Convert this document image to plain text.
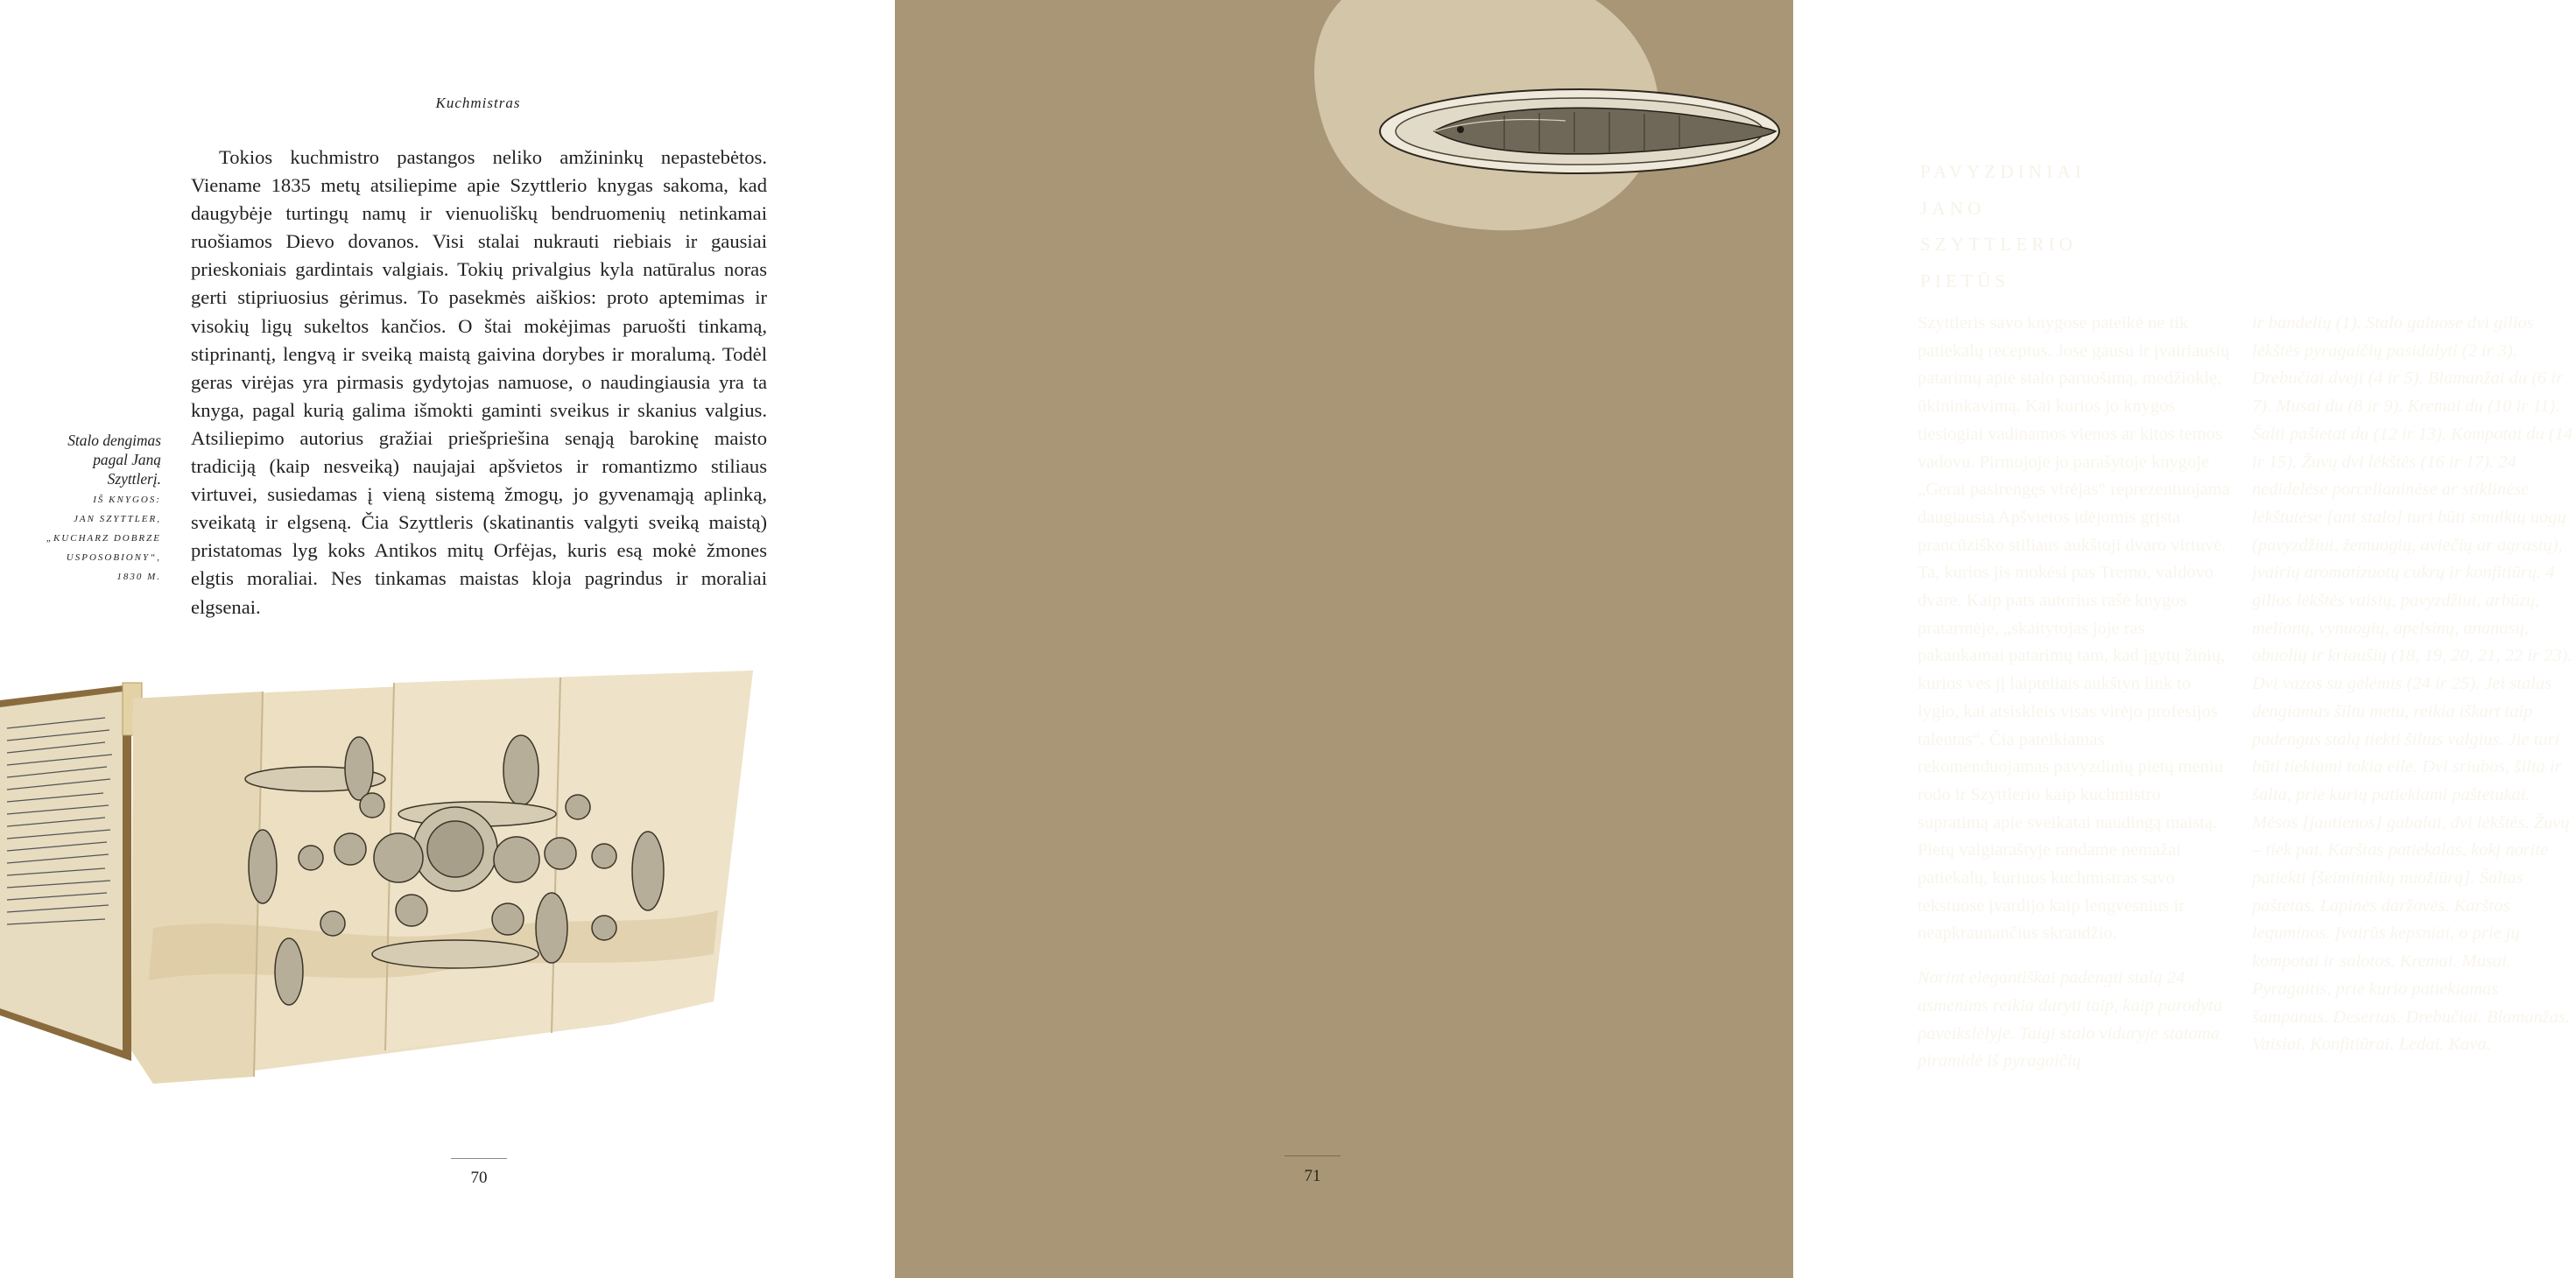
Kuchmistras

Tokios kuchmistro pastangos neliko amžininkų nepastebėtos. Viename 1835 metų atsiliepime apie Szyttlerio knygas sakoma, kad daugybėje turtingų namų ir vienuoliškų bendruomenių netinkamai ruošiamos Dievo dovanos. Visi stalai nukrauti riebiais ir gausiai prieskoniais gardintais valgiais. Tokių privalgius kyla natūralus noras gerti stipriuosius gėrimus. To pasekmės aiškios: proto aptemimas ir visokių ligų sukeltos kančios. O štai mokėjimas paruošti tinkamą, stiprinantį, lengvą ir sveiką maistą gaivina dorybes ir moralumą. Todėl geras virėjas yra pirmasis gydytojas namuose, o naudingiausia yra ta knyga, pagal kurią galima išmokti gaminti sveikus ir skanius valgius. Atsiliepimo autorius gražiai priešpriešina senąją barokinę maisto tradiciją (kaip nesveiką) naujajai apšvietos ir romantizmo stiliaus virtuvei, susiedamas į vieną sistemą žmogų, jo gyvenamąją aplinką, sveikatą ir elgseną. Čia Szyttleris (skatinantis valgyti sveiką maistą) pristatomas lyg koks Antikos mitų Orfėjas, kuris esą mokė žmones elgtis moraliai. Nes tinkamas maistas kloja pagrindus ir moraliai elgsenai.

Stalo dengimas
pagal Janą
Szyttlerį.
IŠ KNYGOS:
JAN SZYTTLER,
„KUCHARZ DOBRZE
USPOSOBIONY“,
1830 M.
70
PAVYZDINIAI
JANO SZYTTLERIO
PIETŪS

Szyttleris savo knygose pateikė ne tik patiekalų receptus. Jose gausu ir įvairiausių patarimų apie stalo paruošimą, medžioklę, ūkininkavimą. Kai kurios jo knygos tiesiogiai vadinamos vienos ar kitos temos vadovu. Pirmojoje jo parašytoje knygoje „Gerai pasirengęs virėjas“ reprezentuojama daugiausia Apšvietos idėjomis grįsta prancūziško stiliaus aukštoji dvaro virtuvė. Ta, kurios jis mokėsi pas Tremo, valdovo dvare. Kaip pats autorius rašė knygos pratarmėje, „skaitytojas joje ras pakankamai patarimų tam, kad įgytų žinių, kurios ves jį laipteliais aukštyn link to lygio, kai atsiskleis visas virėjo profesijos talentas“. Čia pateikiamas rekomenduojamas pavyzdinių pietų meniu rodo ir Szyttlerio kaip kuchmistro supratimą apie sveikatai naudingą maistą. Pietų valgiaraštyje randame nemažai patiekalų, kuriuos kuchmistras savo tekstuose įvardijo kaip lengvesnius ir neapkraunančius skrandžio.

Norint elegantiškai padengti stalą 24 asmenims reikia daryti taip, kaip parodyta paveikslėlyje. Taigi stalo viduryje statoma piramidė iš pyragaičių

ir bandelių (1). Stalo galuose dvi gilios lėkštės pyragaičių pasidalyti (2 ir 3). Drebučiai dveji (4 ir 5). Blamanžai du (6 ir 7). Musai du (8 ir 9). Kremai du (10 ir 11). Šalti paštetai du (12 ir 13). Kompotai du (14 ir 15). Žuvų dvi lėkštės (16 ir 17). 24 nedidelėse porcelianinėse ar stiklinėse lėkštutėse [ant stalo] turi būti smulkių uogų (pavyzdžiui, žemuogių, aviečių ar agrastų), įvairių aromatizuotų cukrų ir konfitiūrų. 4 gilios lėkštės vaisių, pavyzdžiui, arbūzų, melionų, vynuogių, apelsinų, ananasų, obuolių ir kriaušių (18, 19, 20, 21, 22 ir 23). Dvi vazos su gėlėmis (24 ir 25). Jei stalas dengiamas šiltu metu, reikia iškart taip padengus stalą tiekti šiltus valgius. Jie turi būti tiekiami tokia eile. Dvi sriubos, šilta ir šalta, prie kurių patiekiami paštetukai. Mėsos [jautienos] gabalai, dvi lėkštės. Žuvų – tiek pat. Karštas patiekalas, kokį norite patiekti [šeimininkų nuožiūrą]. Šaltas paštetas. Lapinės daržovės. Karštos leguminos. Įvairūs kepsniai, o prie jų kompotai ir salotos. Kremai. Musai. Pyragaitis, prie kurio patiekiamas šampanas. Desertas. Drebučiai. Blamanžas. Vaisiai. Konfitiūrai. Ledai. Kava.

71
